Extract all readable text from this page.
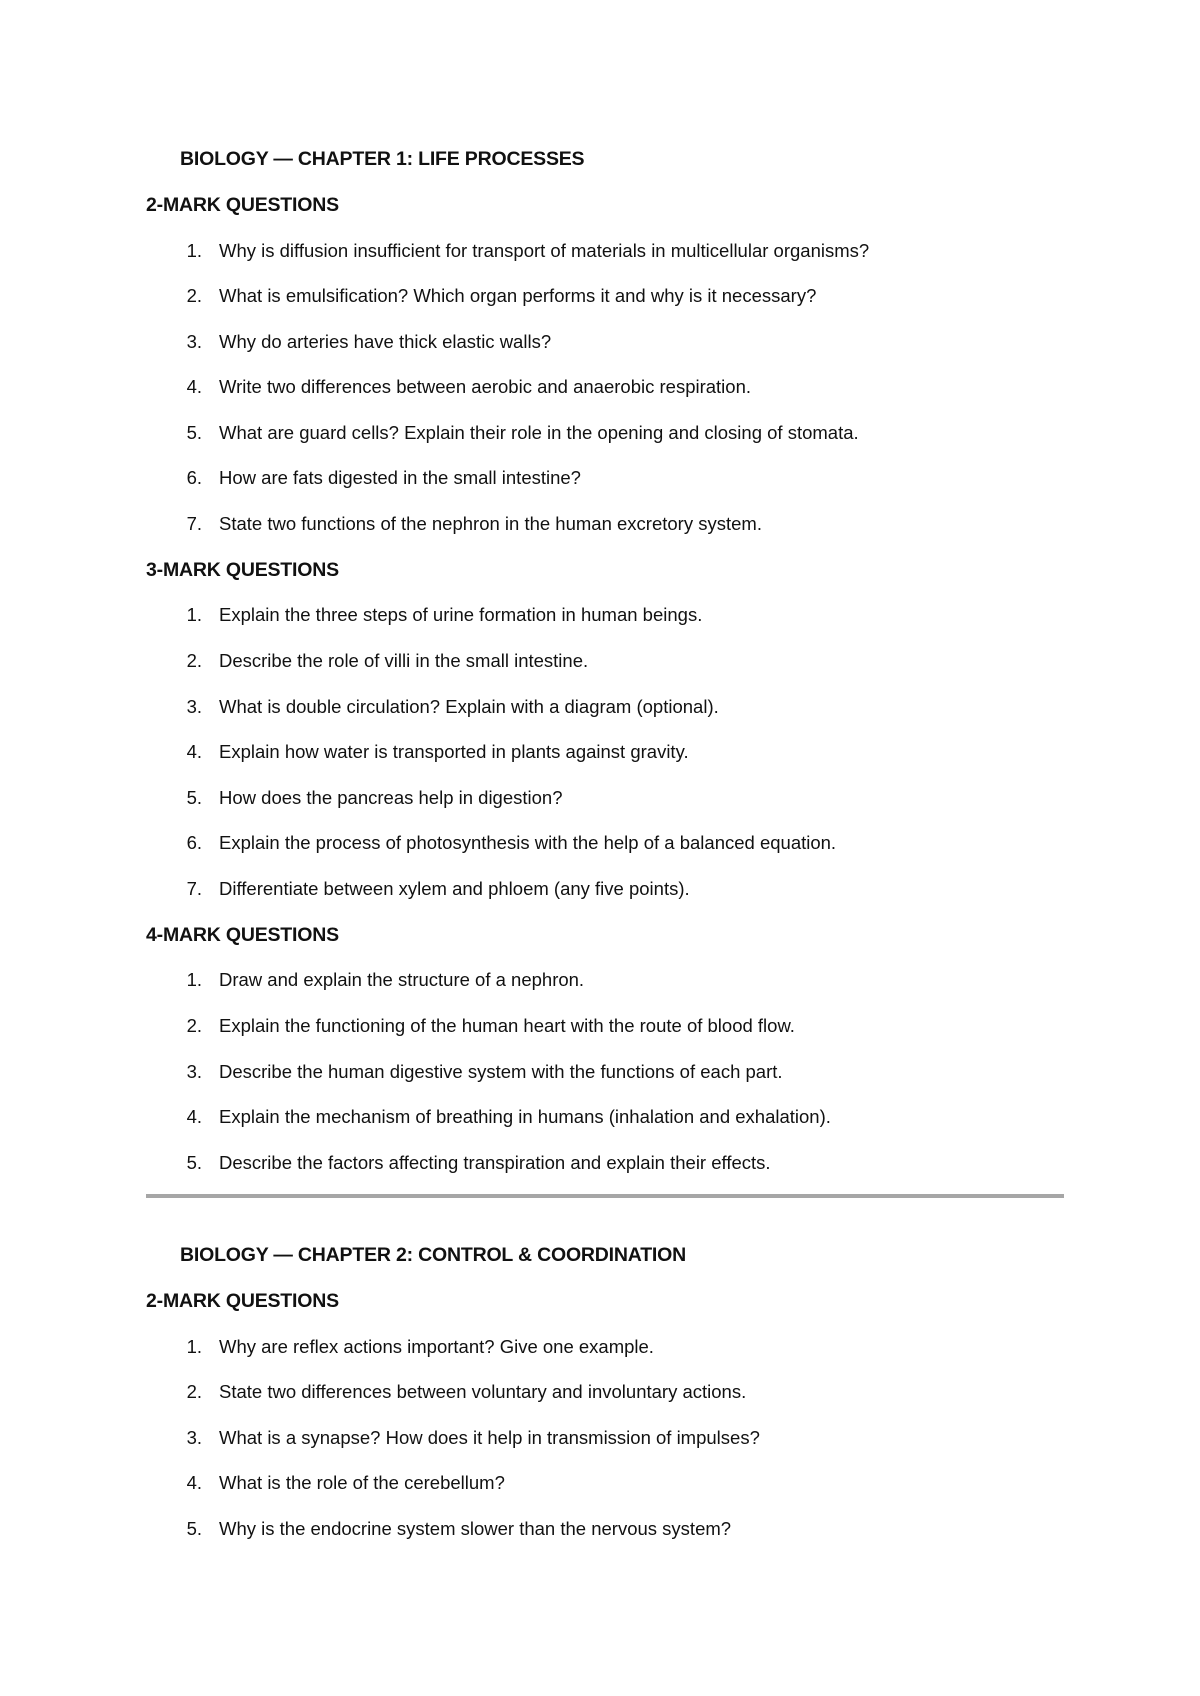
BIOLOGY — CHAPTER 1: LIFE PROCESSES
2-MARK QUESTIONS
1. Why is diffusion insufficient for transport of materials in multicellular organisms?
2. What is emulsification? Which organ performs it and why is it necessary?
3. Why do arteries have thick elastic walls?
4. Write two differences between aerobic and anaerobic respiration.
5. What are guard cells? Explain their role in the opening and closing of stomata.
6. How are fats digested in the small intestine?
7. State two functions of the nephron in the human excretory system.
3-MARK QUESTIONS
1. Explain the three steps of urine formation in human beings.
2. Describe the role of villi in the small intestine.
3. What is double circulation? Explain with a diagram (optional).
4. Explain how water is transported in plants against gravity.
5. How does the pancreas help in digestion?
6. Explain the process of photosynthesis with the help of a balanced equation.
7. Differentiate between xylem and phloem (any five points).
4-MARK QUESTIONS
1. Draw and explain the structure of a nephron.
2. Explain the functioning of the human heart with the route of blood flow.
3. Describe the human digestive system with the functions of each part.
4. Explain the mechanism of breathing in humans (inhalation and exhalation).
5. Describe the factors affecting transpiration and explain their effects.
BIOLOGY — CHAPTER 2: CONTROL & COORDINATION
2-MARK QUESTIONS
1. Why are reflex actions important? Give one example.
2. State two differences between voluntary and involuntary actions.
3. What is a synapse? How does it help in transmission of impulses?
4. What is the role of the cerebellum?
5. Why is the endocrine system slower than the nervous system?
